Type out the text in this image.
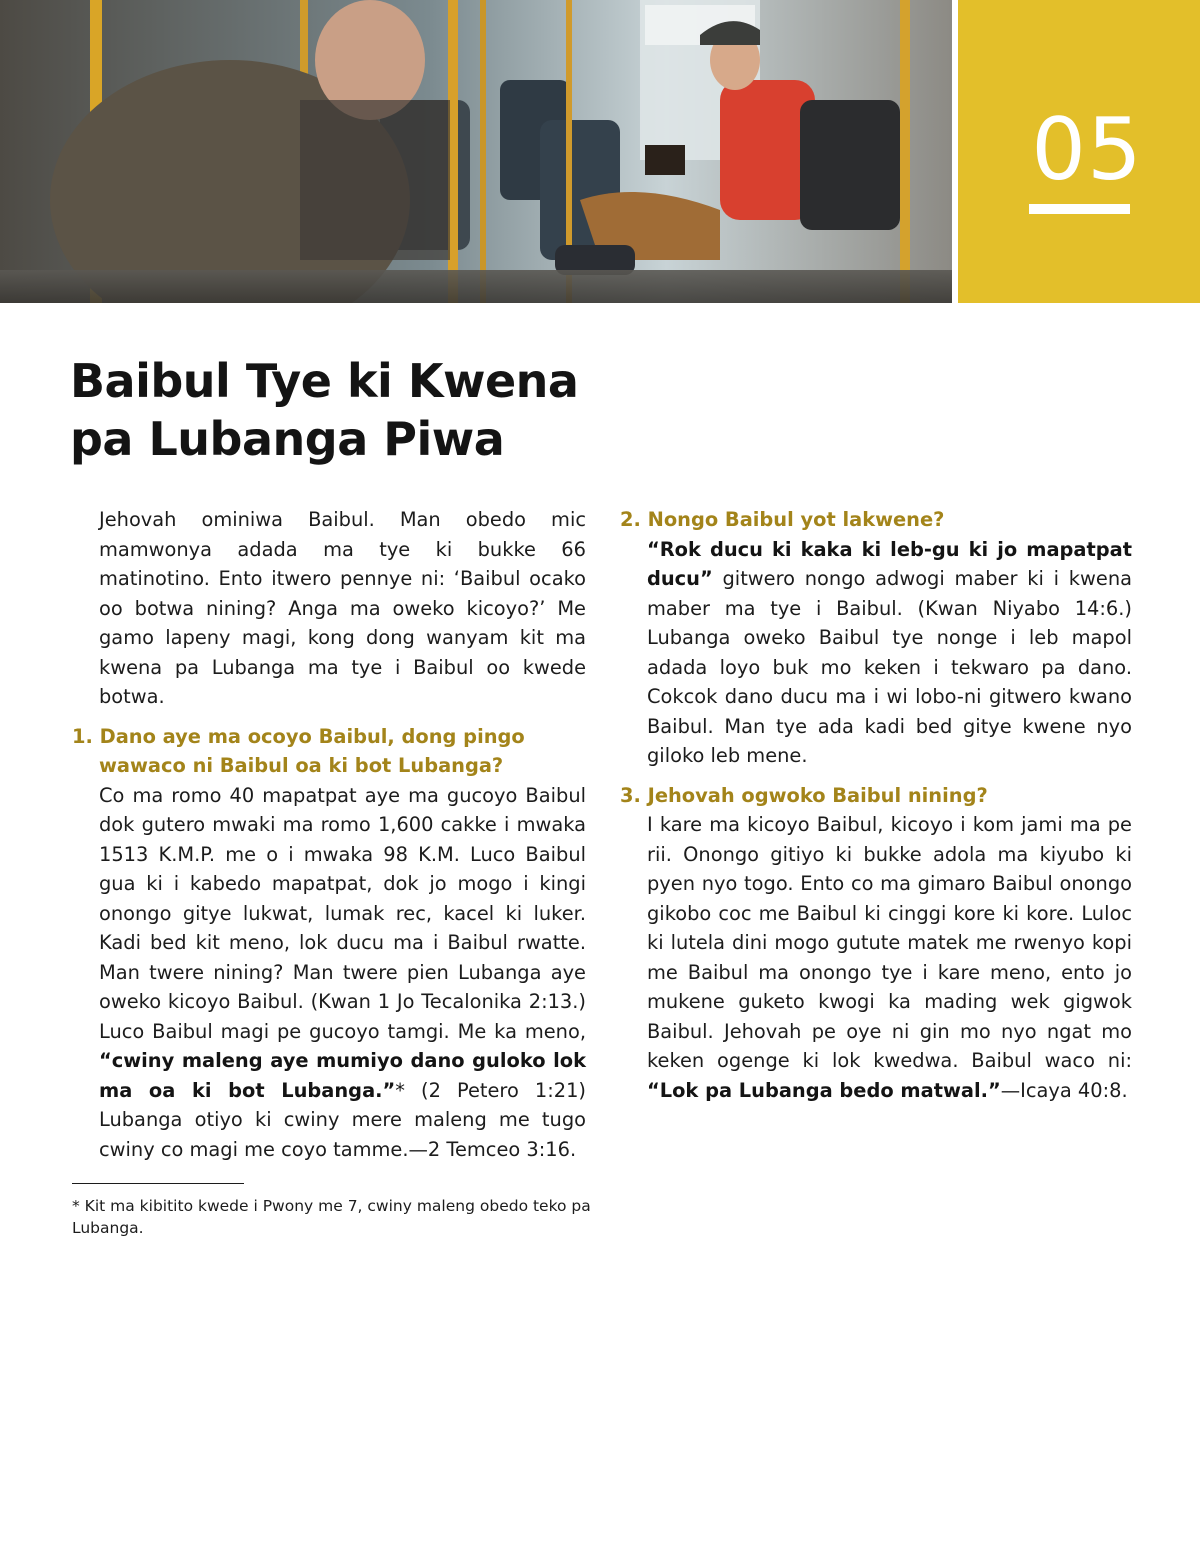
05
Baibul Tye ki Kwena
pa Lubanga Piwa

Jehovah ominiwa Baibul. Man obedo mic mamwonya adada ma tye ki bukke 66 matinotino. Ento itwero pennye ni: ‘Baibul ocako oo botwa nining? Anga ma oweko kicoyo?’ Me gamo lapeny magi, kong dong wanyam kit ma kwena pa Lubanga ma tye i Baibul oo kwede botwa.

1. Dano aye ma ocoyo Baibul, dong pingo wawaco ni Baibul oa ki bot Lubanga?

Co ma romo 40 mapatpat aye ma gucoyo Baibul dok gutero mwaki ma romo 1,600 cakke i mwaka 1513 K.M.P. me o i mwaka 98 K.M. Luco Baibul gua ki i kabedo mapatpat, dok jo mogo i kingi onongo gitye lukwat, lumak rec, kacel ki luker. Kadi bed kit meno, lok ducu ma i Baibul rwatte. Man twere nining? Man twere pien Lubanga aye oweko kicoyo Baibul. (Kwan 1 Jo Tecalonika 2:13.) Luco Baibul magi pe gucoyo tamgi. Me ka meno, “cwiny maleng aye mumiyo dano guloko lok ma oa ki bot Lubanga.”* (2 Petero 1:21) Lubanga otiyo ki cwiny mere maleng me tugo cwiny co magi me coyo tamme.—2 Temceo 3:16.

2. Nongo Baibul yot lakwene?

“Rok ducu ki kaka ki leb-gu ki jo mapatpat ducu” gitwero nongo adwogi maber ki i kwena maber ma tye i Baibul. (Kwan Niyabo 14:6.) Lubanga oweko Baibul tye nonge i leb mapol adada loyo buk mo keken i tekwaro pa dano. Cokcok dano ducu ma i wi lobo-ni gitwero kwano Baibul. Man tye ada kadi bed gitye kwene nyo giloko leb mene.

3. Jehovah ogwoko Baibul nining?

I kare ma kicoyo Baibul, kicoyo i kom jami ma pe rii. Onongo gitiyo ki bukke adola ma kiyubo ki pyen nyo togo. Ento co ma gimaro Baibul onongo gikobo coc me Baibul ki cinggi kore ki kore. Luloc ki lutela dini mogo gutute matek me rwenyo kopi me Baibul ma onongo tye i kare meno, ento jo mukene guketo kwogi ka mading wek gigwok Baibul. Jehovah pe oye ni gin mo nyo ngat mo keken ogenge ki lok kwedwa. Baibul waco ni: “Lok pa Lubanga bedo matwal.”—Icaya 40:8.

* Kit ma kibitito kwede i Pwony me 7, cwiny maleng obedo teko pa Lubanga.
